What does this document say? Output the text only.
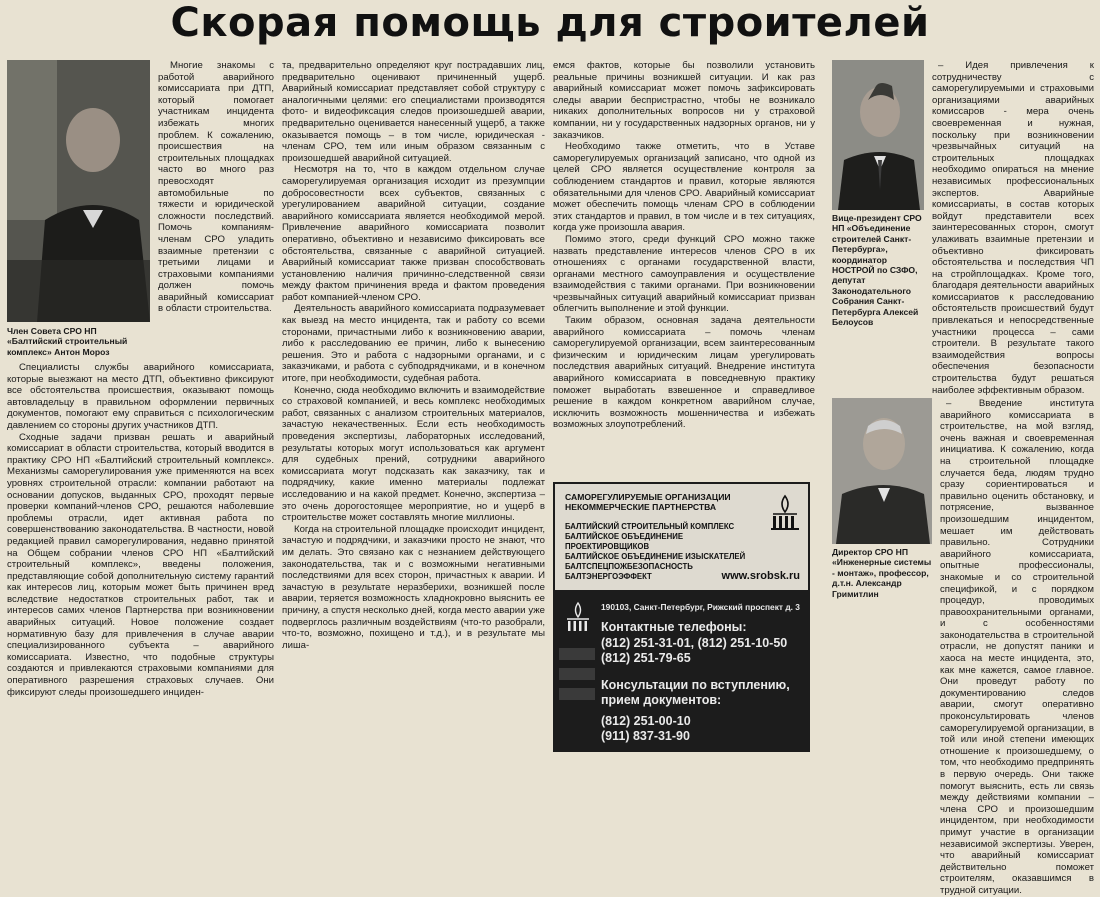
Скорая помощь для строителей
Член Совета СРО НП «Балтийский строительный комплекс» Антон Мороз

Многие знакомы с работой аварийного комиссариата при ДТП, который помогает участникам инцидента избежать многих проблем. К сожалению, происшествия на строительных площадках часто во много раз превосходят автомобильные по тяжести и юридической сложности последствий. Помочь компаниям-членам СРО уладить взаимные претензии с третьими лицами и страховыми компаниями должен помочь аварийный комиссариат в области строительства.

Специалисты службы аварийного комиссариата, которые выезжают на место ДТП, объективно фиксируют все обстоятельства происшествия, оказывают помощь автовладельцу в правильном оформлении первичных документов, помогают ему справиться с психологическим давлением со стороны других участников ДТП.

Сходные задачи призван решать и аварийный комиссариат в области строительства, который вводится в практику СРО НП «Балтийский строительный комплекс». Механизмы саморегулирования уже применяются на всех уровнях строительной отрасли: компании работают на основании допусков, выданных СРО, проходят первые проверки компаний-членов СРО, решаются наболевшие проблемы отрасли, идет активная работа по совершенствованию законодательства. В частности, новой редакцией правил саморегулирования, недавно принятой на Общем собрании членов СРО НП «Балтийский строительный комплекс», введены положения, представляющие собой дополнительную систему гарантий как интересов лиц, которым может быть причинен вред вследствие недостатков строительных работ, так и интересов самих членов Партнерства при возникновении аварийных ситуаций. Новое положение создает нормативную базу для привлечения в случае аварии специализированного субъекта – аварийного комиссариата. Известно, что подобные структуры создаются и привлекаются страховыми компаниями для оперативного разрешения страховых случаев. Они фиксируют следы произошедшего инциден-

та, предварительно определяют круг пострадавших лиц, предварительно оценивают причиненный ущерб. Аварийный комиссариат представляет собой структуру с аналогичными целями: его специалистами производятся фото- и видеофиксация следов произошедшей аварии, предварительно оценивается нанесенный ущерб, а также оказывается помощь – в том числе, юридическая - членам СРО, тем или иным образом связанным с произошедшей аварийной ситуацией.

Несмотря на то, что в каждом отдельном случае саморегулируемая организация исходит из презумпции добросовестности всех субъектов, связанных с урегулированием аварийной ситуации, создание аварийного комиссариата является необходимой мерой. Привлечение аварийного комиссариата позволит оперативно, объективно и независимо фиксировать все обстоятельства, связанные с аварийной ситуацией. Аварийный комиссариат также призван способствовать установлению наличия причинно-следственной связи между фактом причинения вреда и фактом проведения работ компанией-членом СРО.

Деятельность аварийного комиссариата подразумевает как выезд на место инцидента, так и работу со всеми сторонами, причастными либо к возникновению аварии, либо к расследованию ее причин, либо к вынесению решения. Это и работа с надзорными органами, и с заказчиками, и работа с субподрядчиками, и в конечном итоге, при необходимости, судебная работа.

Конечно, сюда необходимо включить и взаимодействие со страховой компанией, и весь комплекс необходимых работ, связанных с анализом строительных материалов, зачастую некачественных. Если есть необходимость проведения экспертизы, лабораторных исследований, результаты которых могут использоваться как аргумент для судебных прений, сотрудники аварийного комиссариата могут подсказать как заказчику, так и подрядчику, какие именно материалы подлежат исследованию и на какой предмет. Конечно, экспертиза – это очень дорогостоящее мероприятие, но и ущерб в строительстве может составлять многие миллионы.

Когда на строительной площадке происходит инцидент, зачастую и подрядчики, и заказчики просто не знают, что им делать. Это связано как с незнанием действующего законодательства, так и с возможными негативными последствиями для всех сторон, причастных к аварии. И зачастую в результате неразберихи, возникшей после аварии, теряется возможность хладнокровно выяснить ее причину, а спустя несколько дней, когда место аварии уже подверглось различным воздействиям (что-то разобрали, что-то, возможно, похищено и т.д.), и в результате мы лиша-

емся фактов, которые бы позволили установить реальные причины возникшей ситуации. И как раз аварийный комиссариат может помочь зафиксировать следы аварии беспристрастно, чтобы не возникало никаких дополнительных вопросов ни у страховой компании, ни у государственных надзорных органов, ни у заказчиков.

Необходимо также отметить, что в Уставе саморегулируемых организаций записано, что одной из целей СРО является осуществление контроля за соблюдением стандартов и правил, которые являются обязательными для членов СРО. Аварийный комиссариат может обеспечить помощь членам СРО в соблюдении этих стандартов и правил, в том числе и в тех ситуациях, когда уже произошла авария.

Помимо этого, среди функций СРО можно также назвать представление интересов членов СРО в их отношениях с органами государственной власти, органами местного самоуправления и осуществление взаимодействия с такими органами. При возникновении чрезвычайных ситуаций аварийный комиссариат призван облегчить выполнение и этой функции.

Таким образом, основная задача деятельности аварийного комиссариата – помочь членам саморегулируемой организации, всем заинтересованным физическим и юридическим лицам урегулировать последствия аварийных ситуаций. Внедрение института аварийного комиссариата в повседневную практику поможет выработать взвешенное и справедливое решение в каждом конкретном аварийном случае, исключить возможность мошенничества и избежать возможных злоупотреблений.

САМОРЕГУЛИРУЕМЫЕ ОРГАНИЗАЦИИ
НЕКОММЕРЧЕСКИЕ ПАРТНЕРСТВА
БАЛТИЙСКИЙ СТРОИТЕЛЬНЫЙ КОМПЛЕКС
БАЛТИЙСКОЕ ОБЪЕДИНЕНИЕ ПРОЕКТИРОВЩИКОВ
БАЛТИЙСКОЕ ОБЪЕДИНЕНИЕ ИЗЫСКАТЕЛЕЙ
БАЛТСПЕЦПОЖБЕЗОПАСНОСТЬ
БАЛТЭНЕРГОЭФФЕКТ	www.srobsk.ru
190103, Санкт-Петербург, Рижский проспект д. 3
Контактные телефоны:
(812) 251-31-01, (812) 251-10-50
(812) 251-79-65
Консультации по вступлению, прием документов:
(812) 251-00-10
(911) 837-31-90
Вице-президент СРО НП «Объединение строителей Санкт-Петербурга», координатор НОСТРОЙ по СЗФО, депутат Законодательного Собрания Санкт-Петербурга Алексей Белоусов

– Идея привлечения к сотрудничеству с саморегулируемыми и страховыми организациями аварийных комиссаров - мера очень своевременная и нужная, поскольку при возникновении чрезвычайных ситуаций на строительных площадках необходимо опираться на мнение независимых профессиональных экспертов. Аварийные комиссариаты, в состав которых войдут представители всех заинтересованных сторон, смогут улаживать взаимные претензии и объективно фиксировать обстоятельства и последствия ЧП на стройплощадках. Кроме того, благодаря деятельности аварийных комиссариатов к расследованию обстоятельств происшествий будут привлекаться и непосредственные участники процесса – сами строители. В результате такого взаимодействия вопросы обеспечения безопасности строительства будут решаться наиболее эффективным образом.

Директор СРО НП «Инженерные системы - монтаж», профессор, д.т.н. Александр Гримитлин

– Введение института аварийного комиссариата в строительстве, на мой взгляд, очень важная и своевременная инициатива. К сожалению, когда на строительной площадке случается беда, людям трудно сразу сориентироваться и правильно оценить обстановку, и потрясение, вызванное произошедшим инцидентом, мешает им действовать правильно. Сотрудники аварийного комиссариата, опытные профессионалы, знакомые и со строительной спецификой, и с порядком процедур, проводимых правоохранительными органами, и с особенностями законодательства в строительной отрасли, не допустят паники и хаоса на месте инцидента, это, как мне кажется, самое главное. Они проведут работу по документированию следов аварии, смогут оперативно проконсультировать членов саморегулируемой организации, в той или иной степени имеющих отношение к произошедшему, о том, что необходимо предпринять в первую очередь. Они также помогут выяснить, есть ли связь между действиями компании – члена СРО и произошедшим инцидентом, при необходимости примут участие в организации независимой экспертизы. Уверен, что аварийный комиссариат действительно поможет строителям, оказавшимся в трудной ситуации.
